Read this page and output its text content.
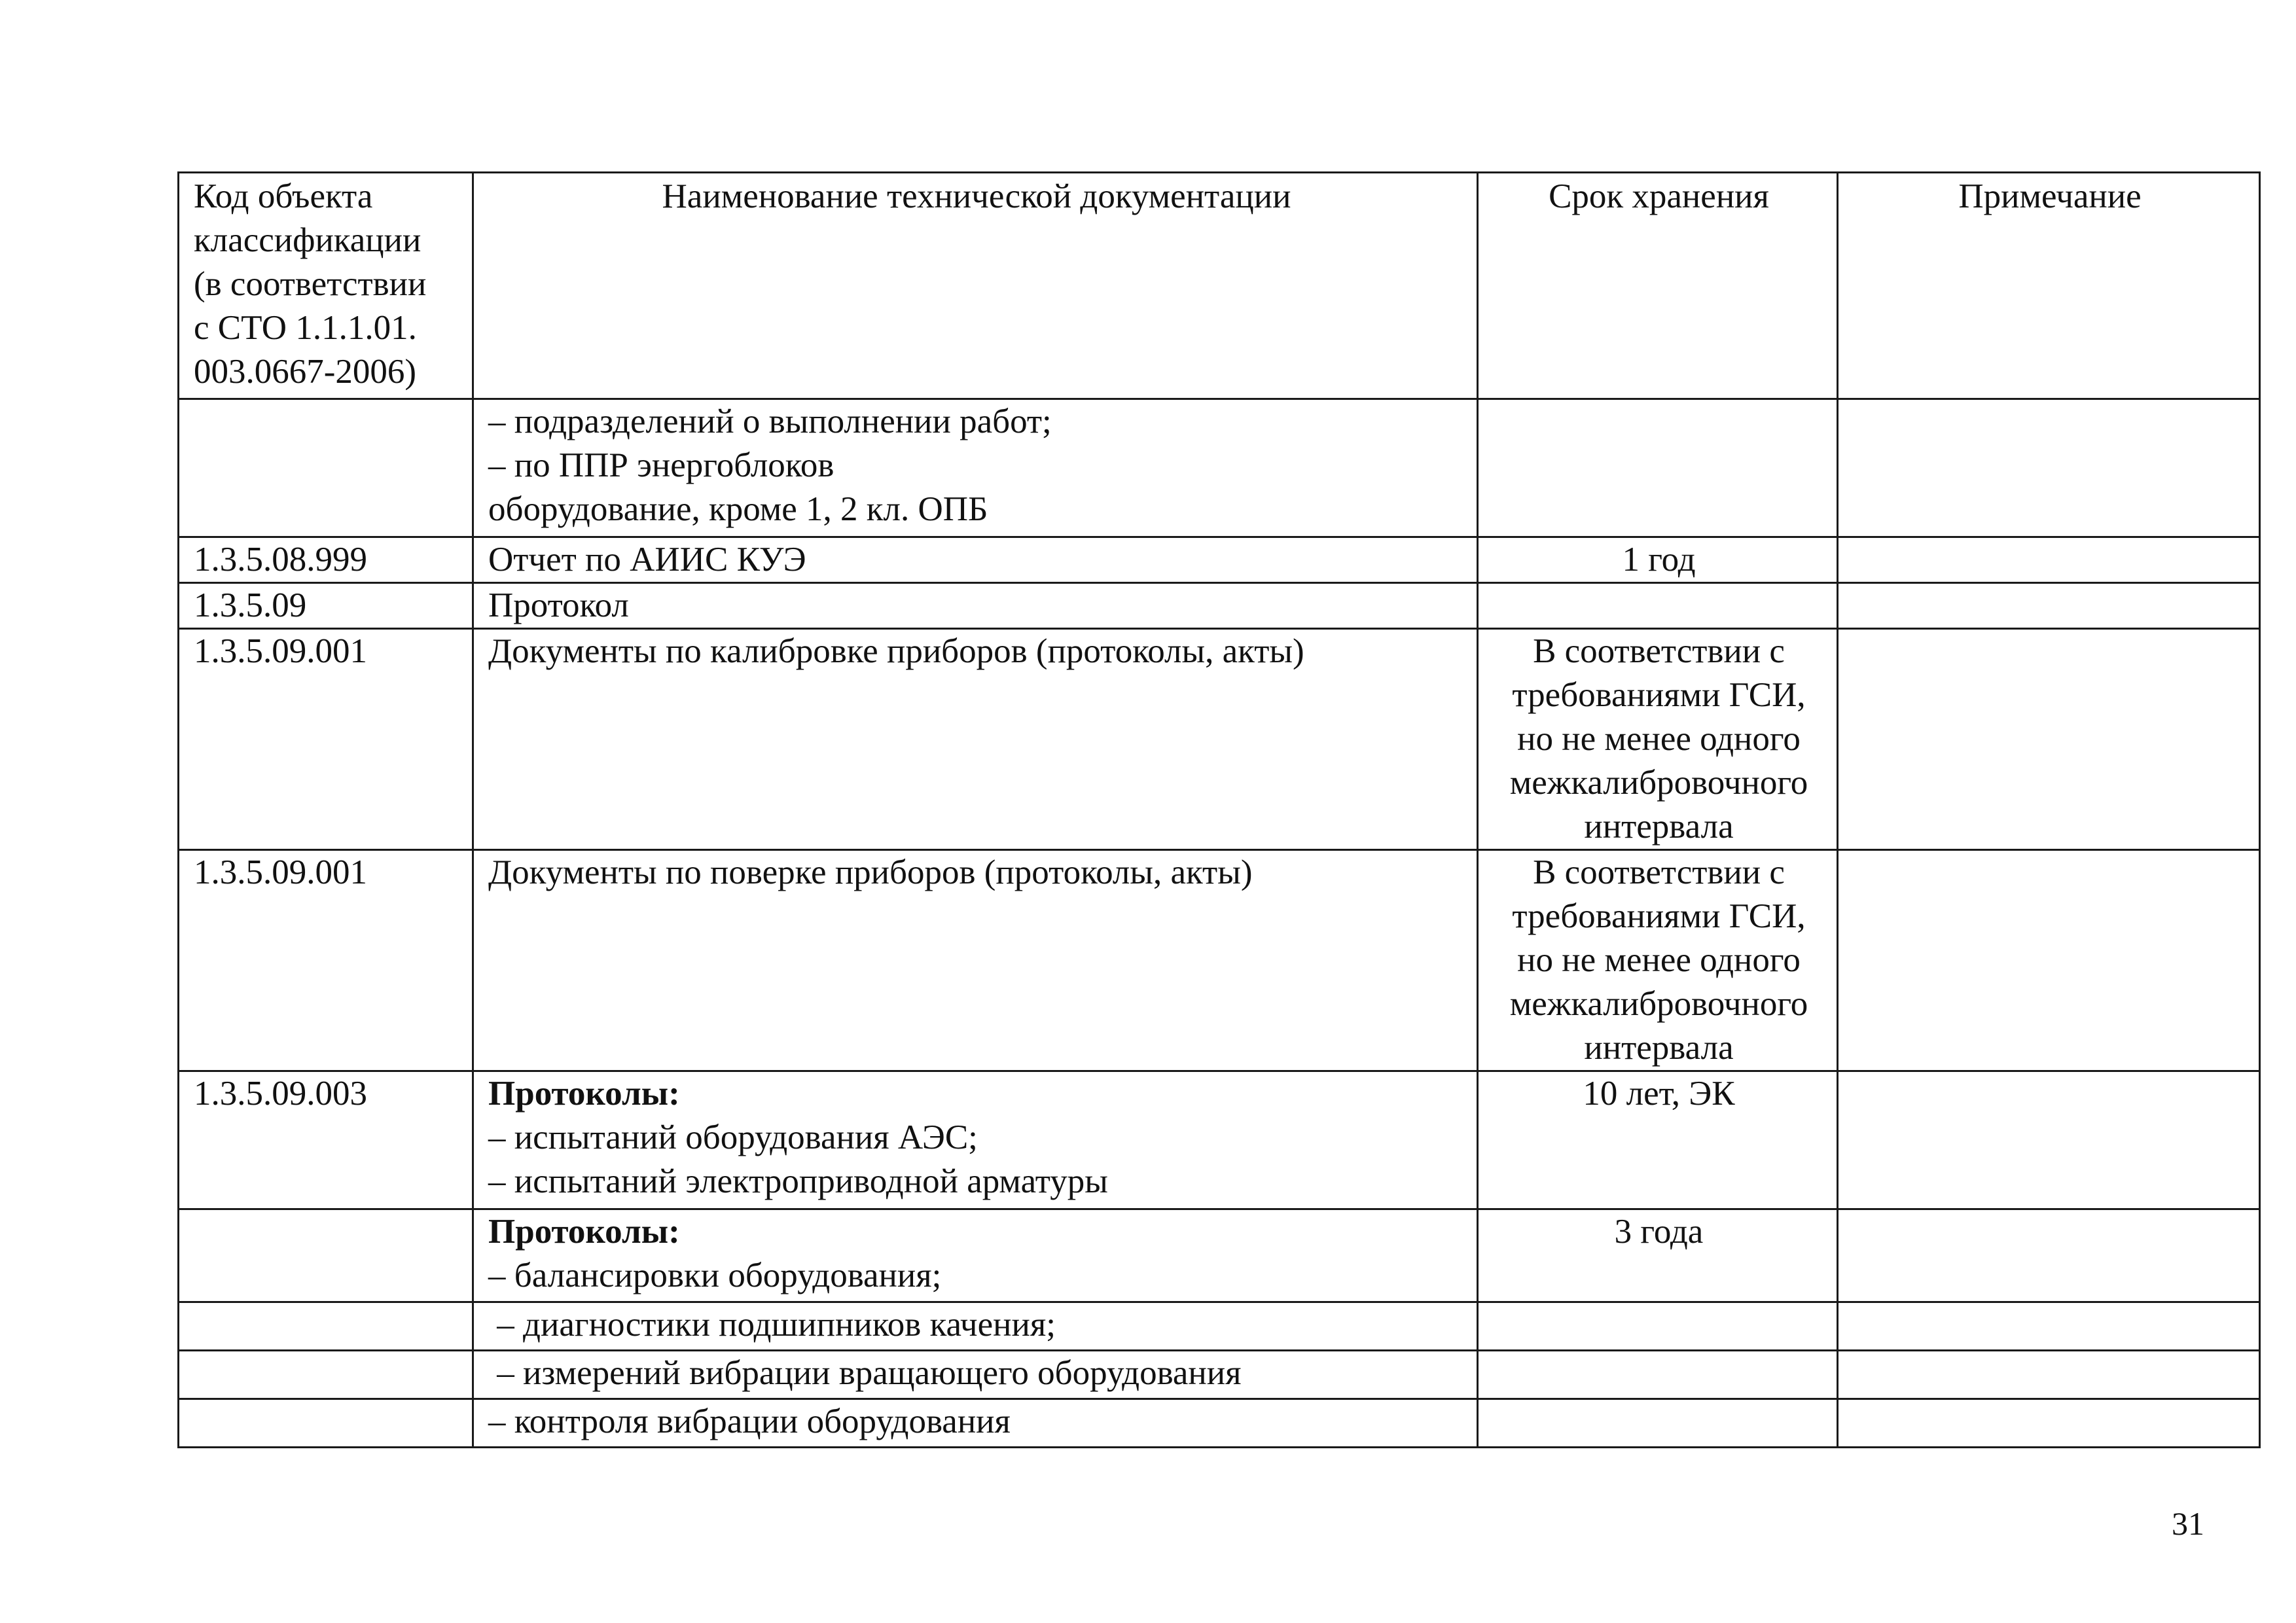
Код объекта
классификации
(в соответствии
с СТО 1.1.1.01.
003.0667-2006)	Наименование технической документации	Срок хранения	Примечание

	– подразделений о выполнении работ;
– по ППР энергоблоков
оборудование, кроме 1, 2 кл. ОПБ		

1.3.5.08.999	Отчет по АИИС КУЭ	1 год	

1.3.5.09	Протокол		

1.3.5.09.001	Документы по калибровке приборов (протоколы, акты)	В соответствии с
требованиями ГСИ,
но не менее одного
межкалибровочного
интервала	

1.3.5.09.001	Документы по поверке приборов (протоколы, акты)	В соответствии с
требованиями ГСИ,
но не менее одного
межкалибровочного
интервала	

1.3.5.09.003	Протоколы:
– испытаний оборудования АЭС;
– испытаний электроприводной арматуры	10 лет, ЭК	

	Протоколы:
– балансировки оборудования;	3 года	

	– диагностики подшипников качения;		

	– измерений вибрации вращающего оборудования		

	– контроля вибрации оборудования		

31
